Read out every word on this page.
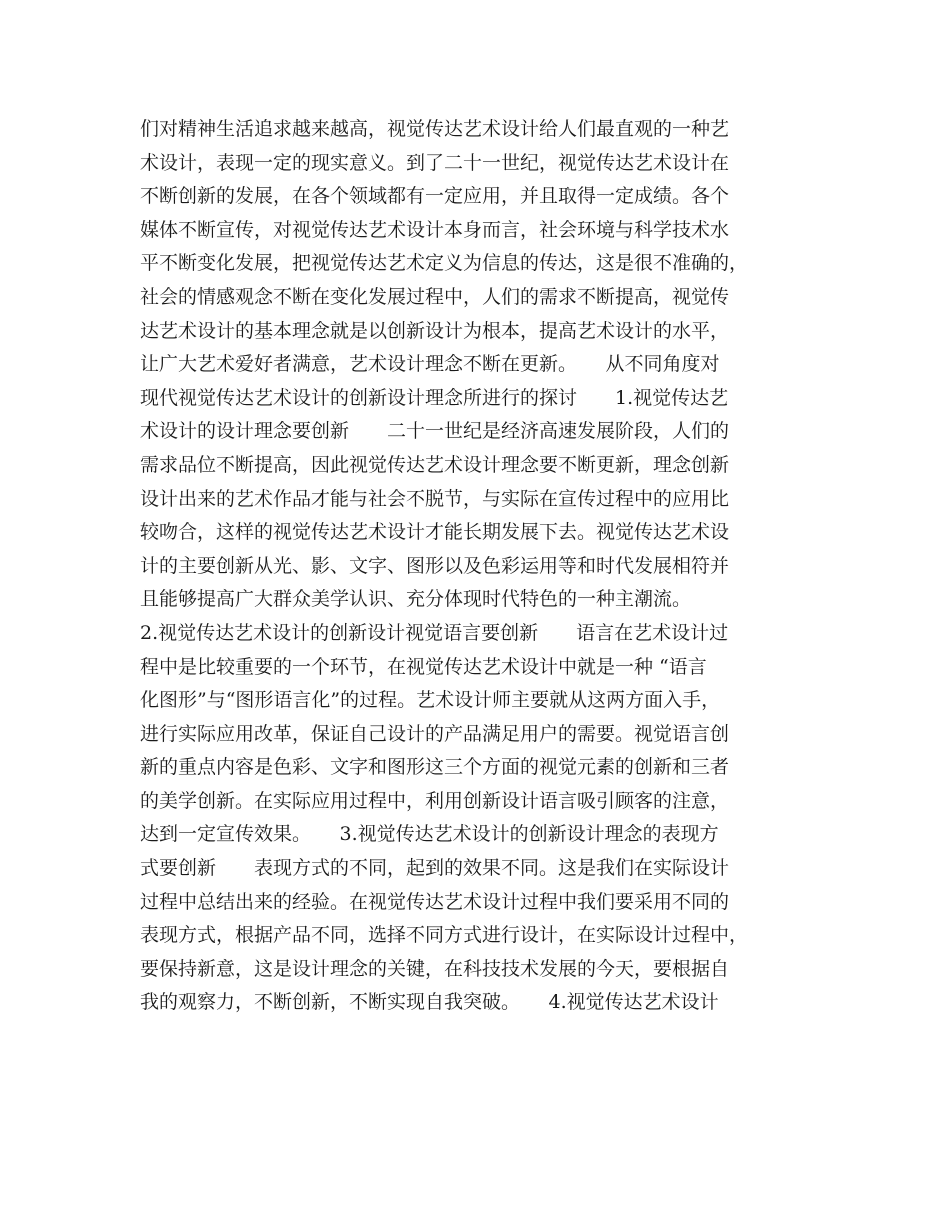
们对精神生活追求越来越高，视觉传达艺术设计给人们最直观的一种艺
术设计，表现一定的现实意义。到了二十一世纪，视觉传达艺术设计在
不断创新的发展，在各个领域都有一定应用，并且取得一定成绩。各个
媒体不断宣传，对视觉传达艺术设计本身而言，社会环境与科学技术水
平不断变化发展，把视觉传达艺术定义为信息的传达，这是很不准确的，
社会的情感观念不断在变化发展过程中，人们的需求不断提高，视觉传
达艺术设计的基本理念就是以创新设计为根本，提高艺术设计的水平，
让广大艺术爱好者满意，艺术设计理念不断在更新。　　从不同角度对
现代视觉传达艺术设计的创新设计理念所进行的探讨　　1.视觉传达艺
术设计的设计理念要创新　　二十一世纪是经济高速发展阶段，人们的
需求品位不断提高，因此视觉传达艺术设计理念要不断更新，理念创新
设计出来的艺术作品才能与社会不脱节，与实际在宣传过程中的应用比
较吻合，这样的视觉传达艺术设计才能长期发展下去。视觉传达艺术设
计的主要创新从光、影、文字、图形以及色彩运用等和时代发展相符并
且能够提高广大群众美学认识、充分体现时代特色的一种主潮流。
2.视觉传达艺术设计的创新设计视觉语言要创新　　语言在艺术设计过
程中是比较重要的一个环节，在视觉传达艺术设计中就是一种 “语言
化图形”与“图形语言化”的过程。艺术设计师主要就从这两方面入手，
进行实际应用改革，保证自己设计的产品满足用户的需要。视觉语言创
新的重点内容是色彩、文字和图形这三个方面的视觉元素的创新和三者
的美学创新。在实际应用过程中，利用创新设计语言吸引顾客的注意，
达到一定宣传效果。　　3.视觉传达艺术设计的创新设计理念的表现方
式要创新　　表现方式的不同，起到的效果不同。这是我们在实际设计
过程中总结出来的经验。在视觉传达艺术设计过程中我们要采用不同的
表现方式，根据产品不同，选择不同方式进行设计，在实际设计过程中，
要保持新意，这是设计理念的关键，在科技技术发展的今天，要根据自
我的观察力，不断创新，不断实现自我突破。　　4.视觉传达艺术设计
